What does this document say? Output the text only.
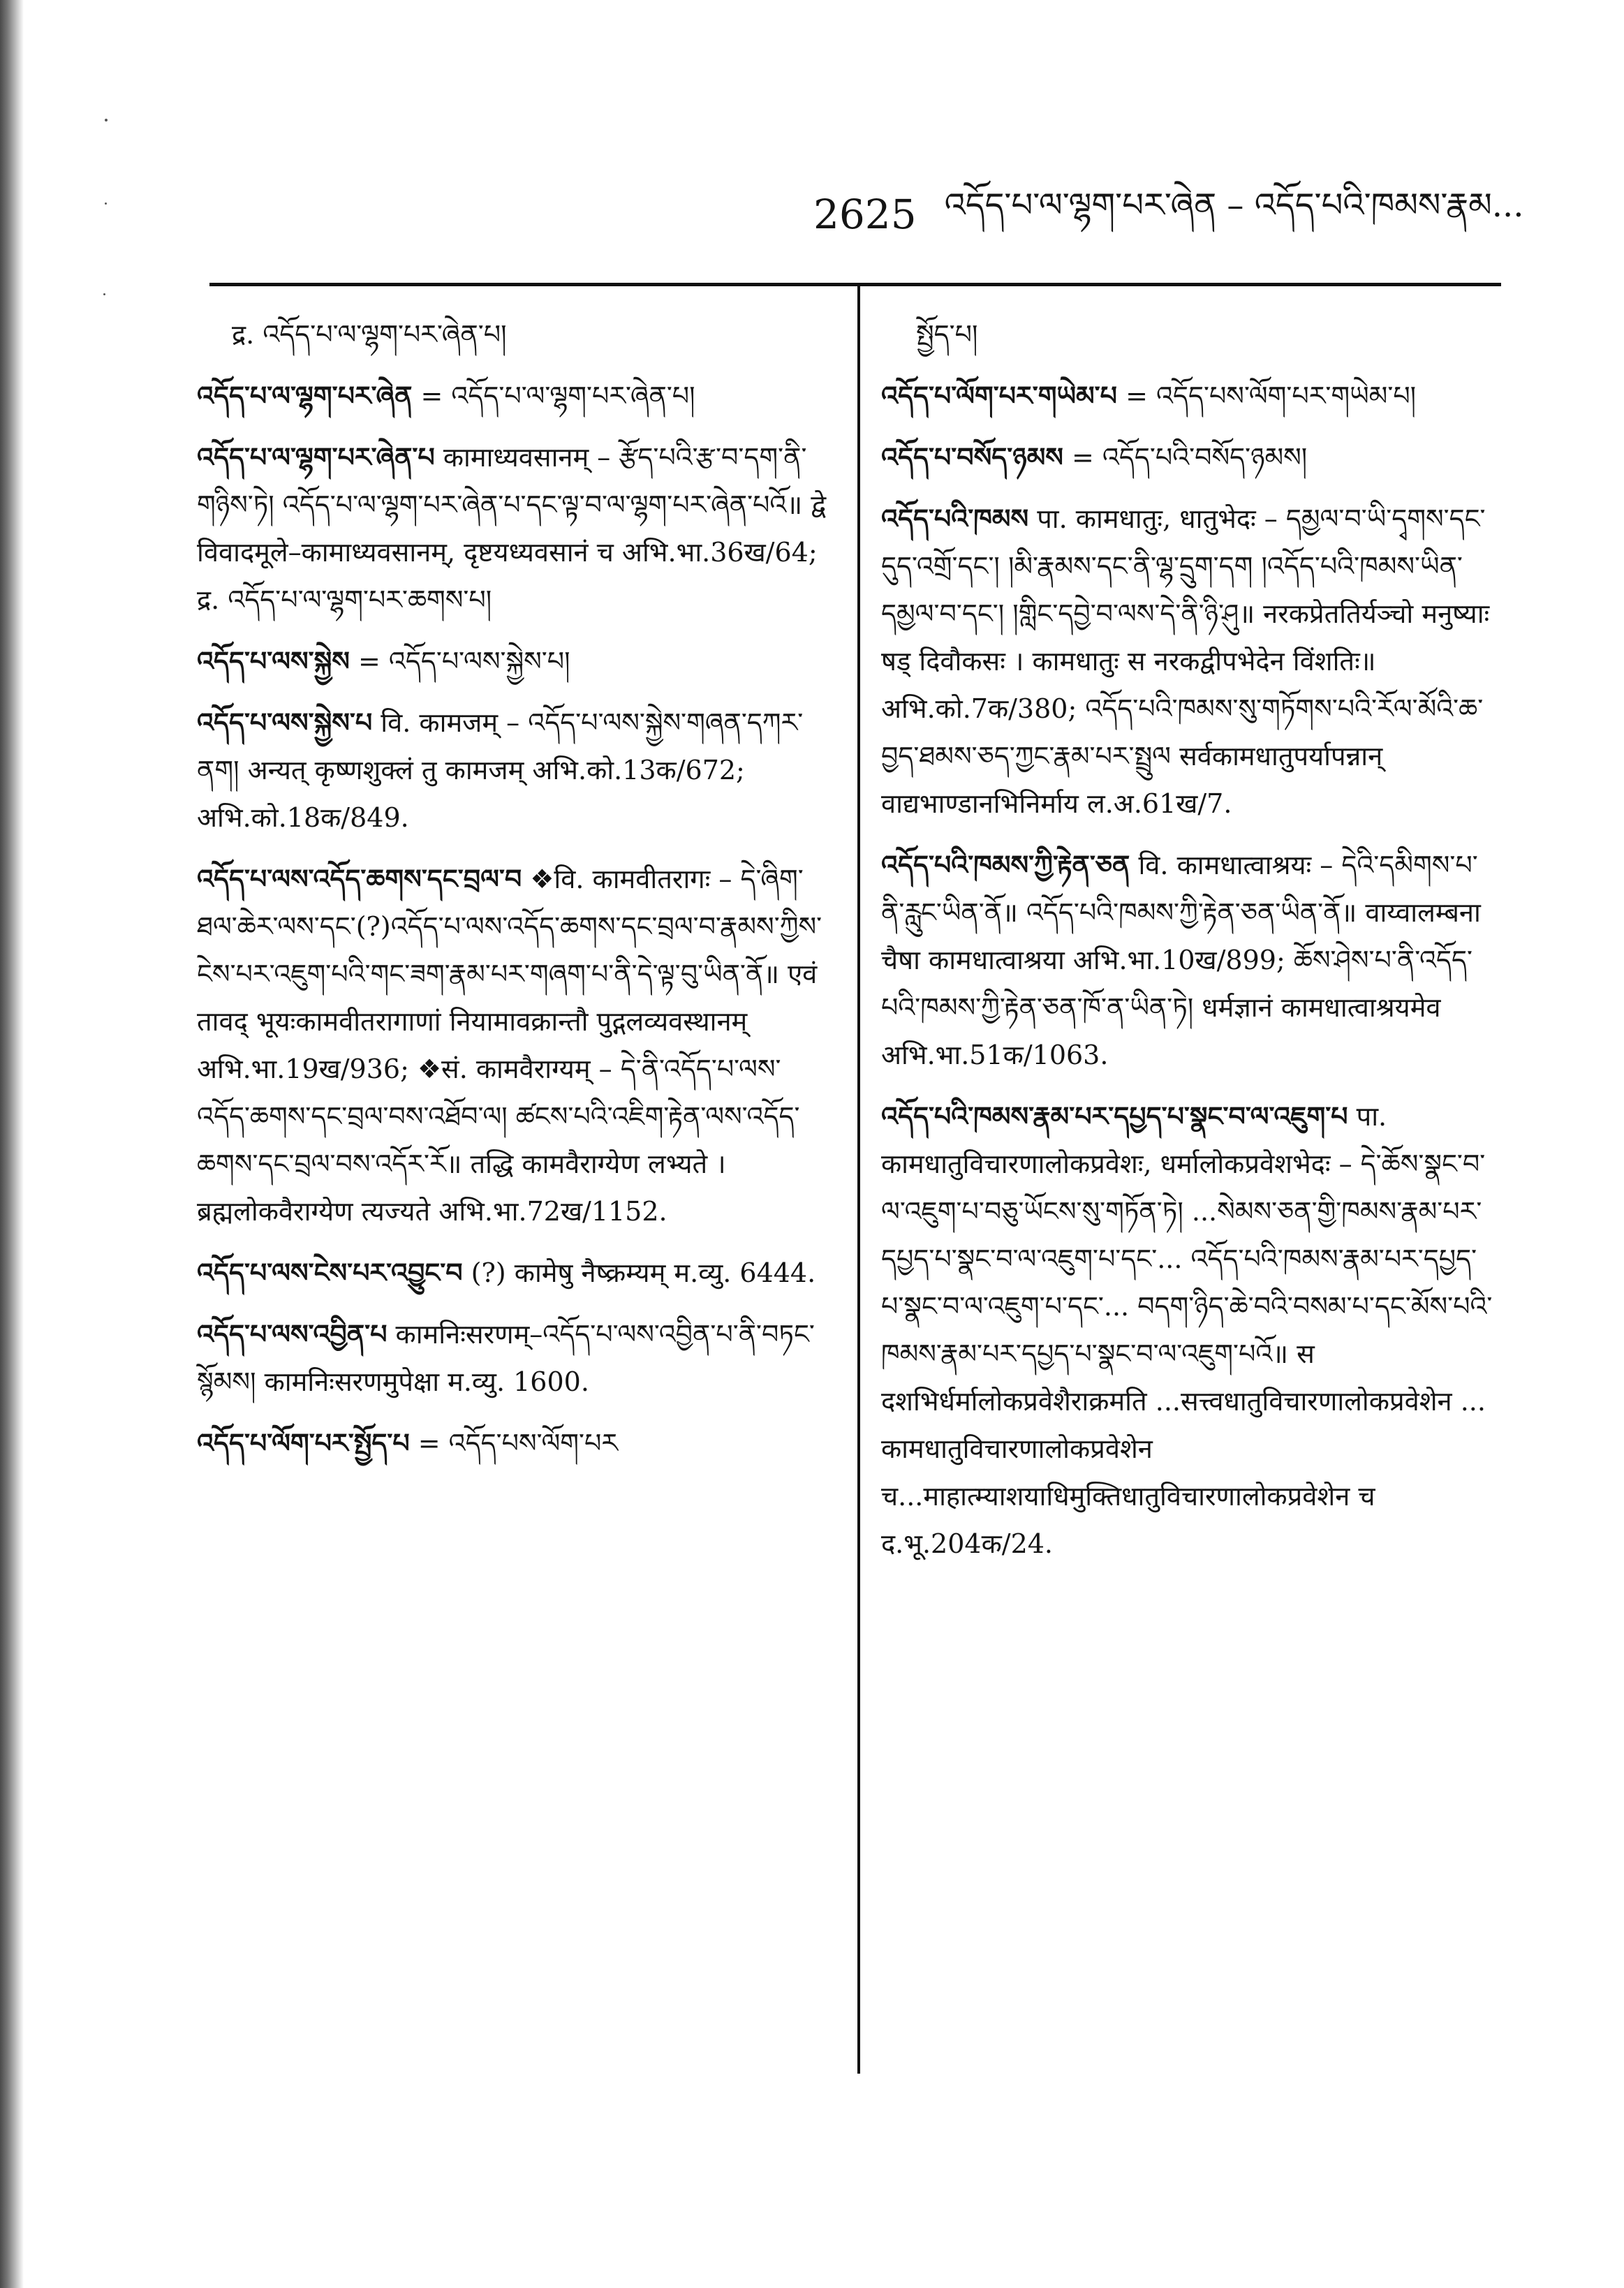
2625 འདོད་པ་ལ་ལྷག་པར་ཞེན – འདོད་པའི་ཁམས་རྣམ...

द्र. འདོད་པ་ལ་ལྷག་པར་ཞེན་པ།

འདོད་པ་ལ་ལྷག་པར་ཞེན = འདོད་པ་ལ་ལྷག་པར་ཞེན་པ།

འདོད་པ་ལ་ལྷག་པར་ཞེན་པ कामाध्यवसानम् – རྩོད་པའི་རྩ་བ་དག་ནི་གཉིས་ཏེ། འདོད་པ་ལ་ལྷག་པར་ཞེན་པ་དང་ལྟ་བ་ལ་ལྷག་པར་ཞེན་པའོ॥ द्वे विवादमूले–कामाध्यवसानम्, दृष्टयध्यवसानं च अभि.भा.36ख/64; द्र. འདོད་པ་ལ་ལྷག་པར་ཆགས་པ།

འདོད་པ་ལས་སྐྱེས = འདོད་པ་ལས་སྐྱེས་པ།

འདོད་པ་ལས་སྐྱེས་པ वि. कामजम् – འདོད་པ་ལས་སྐྱེས་གཞན་དཀར་ནག། अन्यत् कृष्णशुक्लं तु कामजम् अभि.को.13क/672; अभि.को.18क/849.

འདོད་པ་ལས་འདོད་ཆགས་དང་བྲལ་བ ❖वि. कामवीतरागः – དེ་ཞིག་ཐལ་ཆེར་ལས་དང་(?)འདོད་པ་ལས་འདོད་ཆགས་དང་བྲལ་བ་རྣམས་ཀྱིས་ངེས་པར་འཇུག་པའི་གང་ཟག་རྣམ་པར་གཞག་པ་ནི་དེ་ལྟ་བུ་ཡིན་ནོ॥ एवं तावद् भूयःकामवीतरागाणां नियामावक्रान्तौ पुद्गलव्यवस्थानम् अभि.भा.19ख/936; ❖सं. कामवैराग्यम् – དེ་ནི་འདོད་པ་ལས་འདོད་ཆགས་དང་བྲལ་བས་འཐོབ་ལ། ཚངས་པའི་འཇིག་རྟེན་ལས་འདོད་ཆགས་དང་བྲལ་བས་འདོར་རོ॥ तद्धि कामवैराग्येण लभ्यते । ब्रह्मलोकवैराग्येण त्यज्यते अभि.भा.72ख/1152.

འདོད་པ་ལས་ངེས་པར་འབྱུང་བ (?) कामेषु नैष्क्रम्यम् म.व्यु. 6444.

འདོད་པ་ལས་འབྱིན་པ कामनिःसरणम्–འདོད་པ་ལས་འབྱིན་པ་ནི་བཏང་སྙོམས། कामनिःसरणमुपेक्षा म.व्यु. 1600.

འདོད་པ་ལོག་པར་སྤྱོད་པ = འདོད་པས་ལོག་པར

སྤྱོད་པ།

འདོད་པ་ལོག་པར་གཡེམ་པ = འདོད་པས་ལོག་པར་གཡེམ་པ།

འདོད་པ་བསོད་ཉམས = འདོད་པའི་བསོད་ཉམས།

འདོད་པའི་ཁམས पा. कामधातुः, धातुभेदः – དམྱལ་བ་ཡི་དྭགས་དང་དུད་འགྲོ་དང་། །མི་རྣམས་དང་ནི་ལྷ་དྲུག་དག །འདོད་པའི་ཁམས་ཡིན་དམྱལ་བ་དང་། །གླིང་དབྱེ་བ་ལས་དེ་ནི་ཉི་ཤུ॥ नरकप्रेततिर्यञ्चो मनुष्याः षड् दिवौकसः । कामधातुः स नरकद्वीपभेदेन विंशतिः॥ अभि.को.7क/380; འདོད་པའི་ཁམས་སུ་གཏོགས་པའི་རོལ་མོའི་ཆ་བྱད་ཐམས་ཅད་ཀྱང་རྣམ་པར་སྤྲུལ सर्वकामधातुपर्यापन्नान् वाद्यभाण्डानभिनिर्माय ल.अ.61ख/7.

འདོད་པའི་ཁམས་ཀྱི་རྟེན་ཅན वि. कामधात्वाश्रयः – དེའི་དམིགས་པ་ནི་རླུང་ཡིན་ནོ॥ འདོད་པའི་ཁམས་ཀྱི་རྟེན་ཅན་ཡིན་ནོ॥ वाय्वालम्बना चैषा कामधात्वाश्रया अभि.भा.10ख/899; ཆོས་ཤེས་པ་ནི་འདོད་པའི་ཁམས་ཀྱི་རྟེན་ཅན་ཁོ་ན་ཡིན་ཏེ། धर्मज्ञानं कामधात्वाश्रयमेव अभि.भा.51क/1063.

འདོད་པའི་ཁམས་རྣམ་པར་དཔྱད་པ་སྣང་བ་ལ་འཇུག་པ पा. कामधातुविचारणालोकप्रवेशः, धर्मालोकप्रवेशभेदः – དེ་ཆོས་སྣང་བ་ལ་འཇུག་པ་བཅུ་ཡོངས་སུ་གཏོན་ཏེ། ...སེམས་ཅན་གྱི་ཁམས་རྣམ་པར་དཔྱད་པ་སྣང་བ་ལ་འཇུག་པ་དང་... འདོད་པའི་ཁམས་རྣམ་པར་དཔྱད་པ་སྣང་བ་ལ་འཇུག་པ་དང་... བདག་ཉིད་ཆེ་བའི་བསམ་པ་དང་མོས་པའི་ཁམས་རྣམ་པར་དཔྱད་པ་སྣང་བ་ལ་འཇུག་པའོ॥ स दशभिर्धर्मालोकप्रवेशैराक्रमति ...सत्त्वधातुविचारणालोकप्रवेशेन ... कामधातुविचारणालोकप्रवेशेन च...माहात्म्याशयाधिमुक्तिधातुविचारणालोकप्रवेशेन च द.भू.204क/24.
